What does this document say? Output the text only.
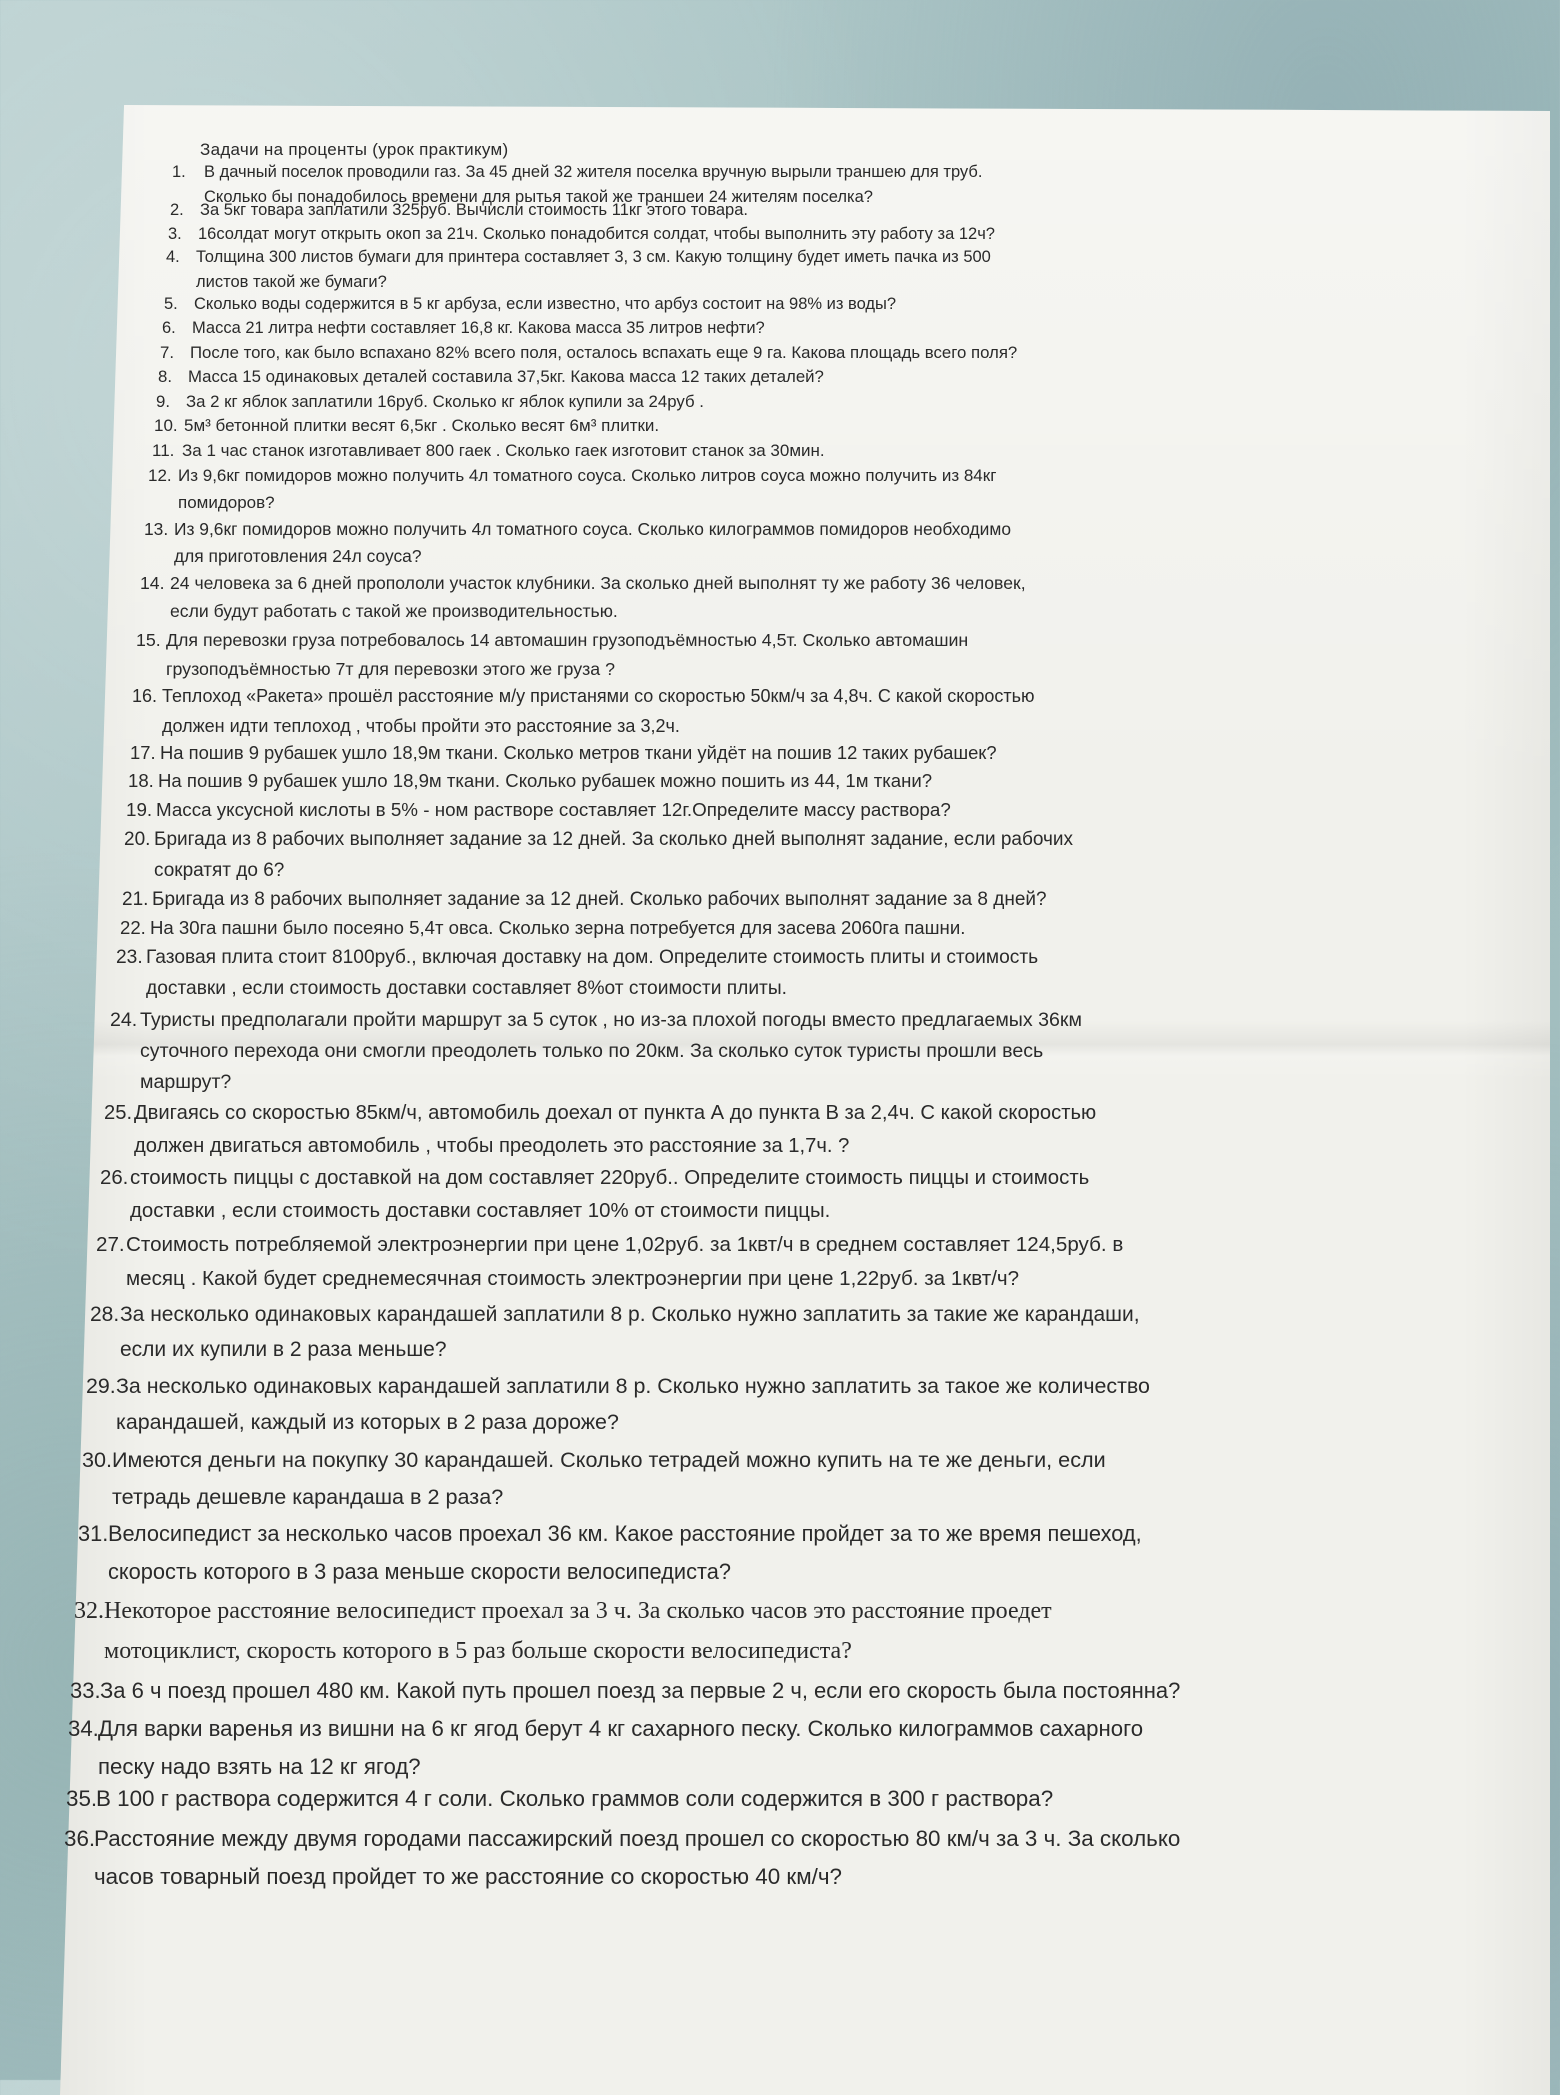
Задачи на проценты (урок практикум)
1. В дачный поселок проводили газ. За 45 дней 32 жителя поселка вручную вырыли траншею для труб.
Сколько бы понадобилось времени для рытья такой же траншеи 24 жителям поселка?
2. За 5кг товара заплатили 325руб. Вычисли стоимость 11кг этого товара.
3. 16солдат могут открыть окоп за 21ч. Сколько понадобится солдат, чтобы выполнить эту работу за 12ч?
4. Толщина 300 листов бумаги для принтера составляет 3, 3 см. Какую толщину будет иметь пачка из 500
листов такой же бумаги?
5. Сколько воды содержится в 5 кг арбуза, если известно, что арбуз состоит на 98% из воды?
6. Масса 21 литра нефти составляет 16,8 кг. Какова масса 35 литров нефти?
7. После того, как было вспахано 82% всего поля, осталось вспахать еще 9 га. Какова площадь всего поля?
8. Масса 15 одинаковых деталей составила 37,5кг. Какова масса 12 таких деталей?
9. За 2 кг яблок заплатили 16руб. Сколько кг яблок купили за 24руб .
10. 5м³ бетонной плитки весят 6,5кг . Сколько весят 6м³ плитки.
11. За 1 час станок изготавливает 800 гаек . Сколько гаек изготовит станок за 30мин.
12. Из 9,6кг помидоров можно получить 4л томатного соуса. Сколько литров соуса можно получить из 84кг
помидоров?
13. Из 9,6кг помидоров можно получить 4л томатного соуса. Сколько килограммов помидоров необходимо
для приготовления 24л соуса?
14. 24 человека за 6 дней пропололи участок клубники. За сколько дней выполнят ту же работу 36 человек,
если будут работать с такой же производительностью.
15. Для перевозки груза потребовалось 14 автомашин грузоподъёмностью 4,5т. Сколько автомашин
грузоподъёмностью 7т для перевозки этого же груза ?
16. Теплоход «Ракета» прошёл расстояние м/у пристанями со скоростью 50км/ч за 4,8ч. С какой скоростью
должен идти теплоход , чтобы пройти это расстояние за 3,2ч.
17. На пошив 9 рубашек ушло 18,9м ткани. Сколько метров ткани уйдёт на пошив 12 таких рубашек?
18. На пошив 9 рубашек ушло 18,9м ткани. Сколько рубашек можно пошить из 44, 1м ткани?
19. Масса уксусной кислоты в 5% - ном растворе составляет 12г.Определите массу раствора?
20. Бригада из 8 рабочих выполняет задание за 12 дней. За сколько дней выполнят задание, если рабочих
сократят до 6?
21. Бригада из 8 рабочих выполняет задание за 12 дней. Сколько рабочих выполнят задание за 8 дней?
22. На 30га пашни было посеяно 5,4т овса. Сколько зерна потребуется для засева 2060га пашни.
23. Газовая плита стоит 8100руб., включая доставку на дом. Определите стоимость плиты и стоимость
доставки , если стоимость доставки составляет 8%от стоимости плиты.
24. Туристы предполагали пройти маршрут за 5 суток , но из-за плохой погоды вместо предлагаемых 36км
суточного перехода они смогли преодолеть только по 20км. За сколько суток туристы прошли весь
маршрут?
25. Двигаясь со скоростью 85км/ч, автомобиль доехал от пункта А до пункта В за 2,4ч. С какой скоростью
должен двигаться автомобиль , чтобы преодолеть это расстояние за 1,7ч. ?
26. стоимость пиццы с доставкой на дом составляет 220руб.. Определите стоимость пиццы и стоимость
доставки , если стоимость доставки составляет 10% от стоимости пиццы.
27. Стоимость потребляемой электроэнергии при цене 1,02руб. за 1квт/ч в среднем составляет 124,5руб. в
месяц . Какой будет среднемесячная стоимость электроэнергии при цене 1,22руб. за 1квт/ч?
28. За несколько одинаковых карандашей заплатили 8 р. Сколько нужно заплатить за такие же карандаши,
если их купили в 2 раза меньше?
29. За несколько одинаковых карандашей заплатили 8 р. Сколько нужно заплатить за такое же количество
карандашей, каждый из которых в 2 раза дороже?
30. Имеются деньги на покупку 30 карандашей. Сколько тетрадей можно купить на те же деньги, если
тетрадь дешевле карандаша в 2 раза?
31. Велосипедист за несколько часов проехал 36 км. Какое расстояние пройдет за то же время пешеход,
скорость которого в 3 раза меньше скорости велосипедиста?
32. Некоторое расстояние велосипедист проехал за 3 ч. За сколько часов это расстояние проедет
мотоциклист, скорость которого в 5 раз больше скорости велосипедиста?
33. За 6 ч поезд прошел 480 км. Какой путь прошел поезд за первые 2 ч, если его скорость была постоянна?
34. Для варки варенья из вишни на 6 кг ягод берут 4 кг сахарного песку. Сколько килограммов сахарного
песку надо взять на 12 кг ягод?
35.
В 100 г раствора содержится 4 г соли. Сколько граммов соли содержится в 300 г раствора?
36.
Расстояние между двумя городами пассажирский поезд прошел со скоростью 80 км/ч за 3 ч. За сколько
часов товарный поезд пройдет то же расстояние со скоростью 40 км/ч?
